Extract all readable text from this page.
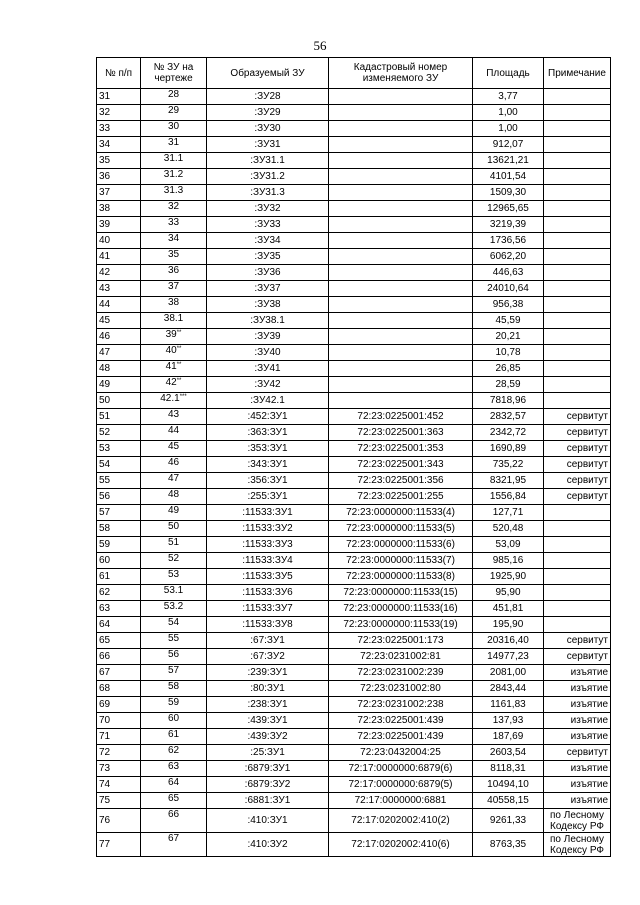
56
№ п/п	№ ЗУ на чертеже	Образуемый ЗУ	Кадастровый номер изменяемого ЗУ	Площадь	Примечание
31	28	:ЗУ28		3,77	
32	29	:ЗУ29		1,00	
33	30	:ЗУ30		1,00	
34	31	:ЗУ31		912,07	
35	31.1	:ЗУ31.1		13621,21	
36	31.2	:ЗУ31.2		4101,54	
37	31.3	:ЗУ31.3		1509,30	
38	32	:ЗУ32		12965,65	
39	33	:ЗУ33		3219,39	
40	34	:ЗУ34		1736,56	
41	35	:ЗУ35		6062,20	
42	36	:ЗУ36		446,63	
43	37	:ЗУ37		24010,64	
44	38	:ЗУ38		956,38	
45	38.1	:ЗУ38.1		45,59	
46	39**	:ЗУ39		20,21	
47	40**	:ЗУ40		10,78	
48	41**	:ЗУ41		26,85	
49	42**	:ЗУ42		28,59	
50	42.1***	:ЗУ42.1		7818,96	
51	43	:452:ЗУ1	72:23:0225001:452	2832,57	сервитут
52	44	:363:ЗУ1	72:23:0225001:363	2342,72	сервитут
53	45	:353:ЗУ1	72:23:0225001:353	1690,89	сервитут
54	46	:343:ЗУ1	72:23:0225001:343	735,22	сервитут
55	47	:356:ЗУ1	72:23:0225001:356	8321,95	сервитут
56	48	:255:ЗУ1	72:23:0225001:255	1556,84	сервитут
57	49	:11533:ЗУ1	72:23:0000000:11533(4)	127,71	
58	50	:11533:ЗУ2	72:23:0000000:11533(5)	520,48	
59	51	:11533:ЗУ3	72:23:0000000:11533(6)	53,09	
60	52	:11533:ЗУ4	72:23:0000000:11533(7)	985,16	
61	53	:11533:ЗУ5	72:23:0000000:11533(8)	1925,90	
62	53.1	:11533:ЗУ6	72:23:0000000:11533(15)	95,90	
63	53.2	:11533:ЗУ7	72:23:0000000:11533(16)	451,81	
64	54	:11533:ЗУ8	72:23:0000000:11533(19)	195,90	
65	55	:67:ЗУ1	72:23:0225001:173	20316,40	сервитут
66	56	:67:ЗУ2	72:23:0231002:81	14977,23	сервитут
67	57	:239:ЗУ1	72:23:0231002:239	2081,00	изъятие
68	58	:80:ЗУ1	72:23:0231002:80	2843,44	изъятие
69	59	:238:ЗУ1	72:23:0231002:238	1161,83	изъятие
70	60	:439:ЗУ1	72:23:0225001:439	137,93	изъятие
71	61	:439:ЗУ2	72:23:0225001:439	187,69	изъятие
72	62	:25:ЗУ1	72:23:0432004:25	2603,54	сервитут
73	63	:6879:ЗУ1	72:17:0000000:6879(6)	8118,31	изъятие
74	64	:6879:ЗУ2	72:17:0000000:6879(5)	10494,10	изъятие
75	65	:6881:ЗУ1	72:17:0000000:6881	40558,15	изъятие
76	66	:410:ЗУ1	72:17:0202002:410(2)	9261,33	по Лесному Кодексу РФ
77	67	:410:ЗУ2	72:17:0202002:410(6)	8763,35	по Лесному Кодексу РФ
